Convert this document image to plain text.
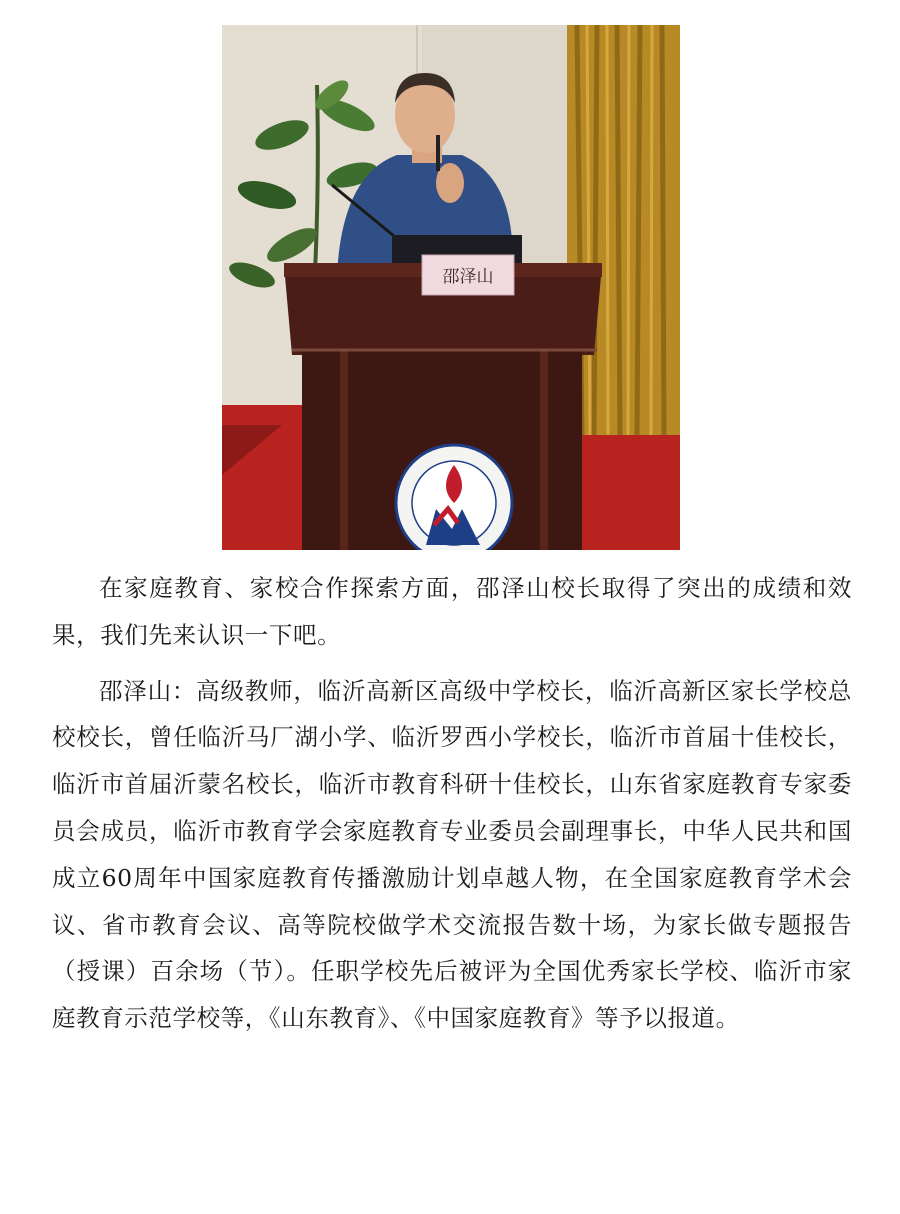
邵泽山

在家庭教育、家校合作探索方面，邵泽山校长取得了突出的成绩和效果，我们先来认识一下吧。

邵泽山：高级教师，临沂高新区高级中学校长，临沂高新区家长学校总校校长，曾任临沂马厂湖小学、临沂罗西小学校长，临沂市首届十佳校长，临沂市首届沂蒙名校长，临沂市教育科研十佳校长，山东省家庭教育专家委员会成员，临沂市教育学会家庭教育专业委员会副理事长，中华人民共和国成立60周年中国家庭教育传播激励计划卓越人物，在全国家庭教育学术会议、省市教育会议、高等院校做学术交流报告数十场，为家长做专题报告（授课）百余场（节）。任职学校先后被评为全国优秀家长学校、临沂市家庭教育示范学校等，《山东教育》、《中国家庭教育》等予以报道。
